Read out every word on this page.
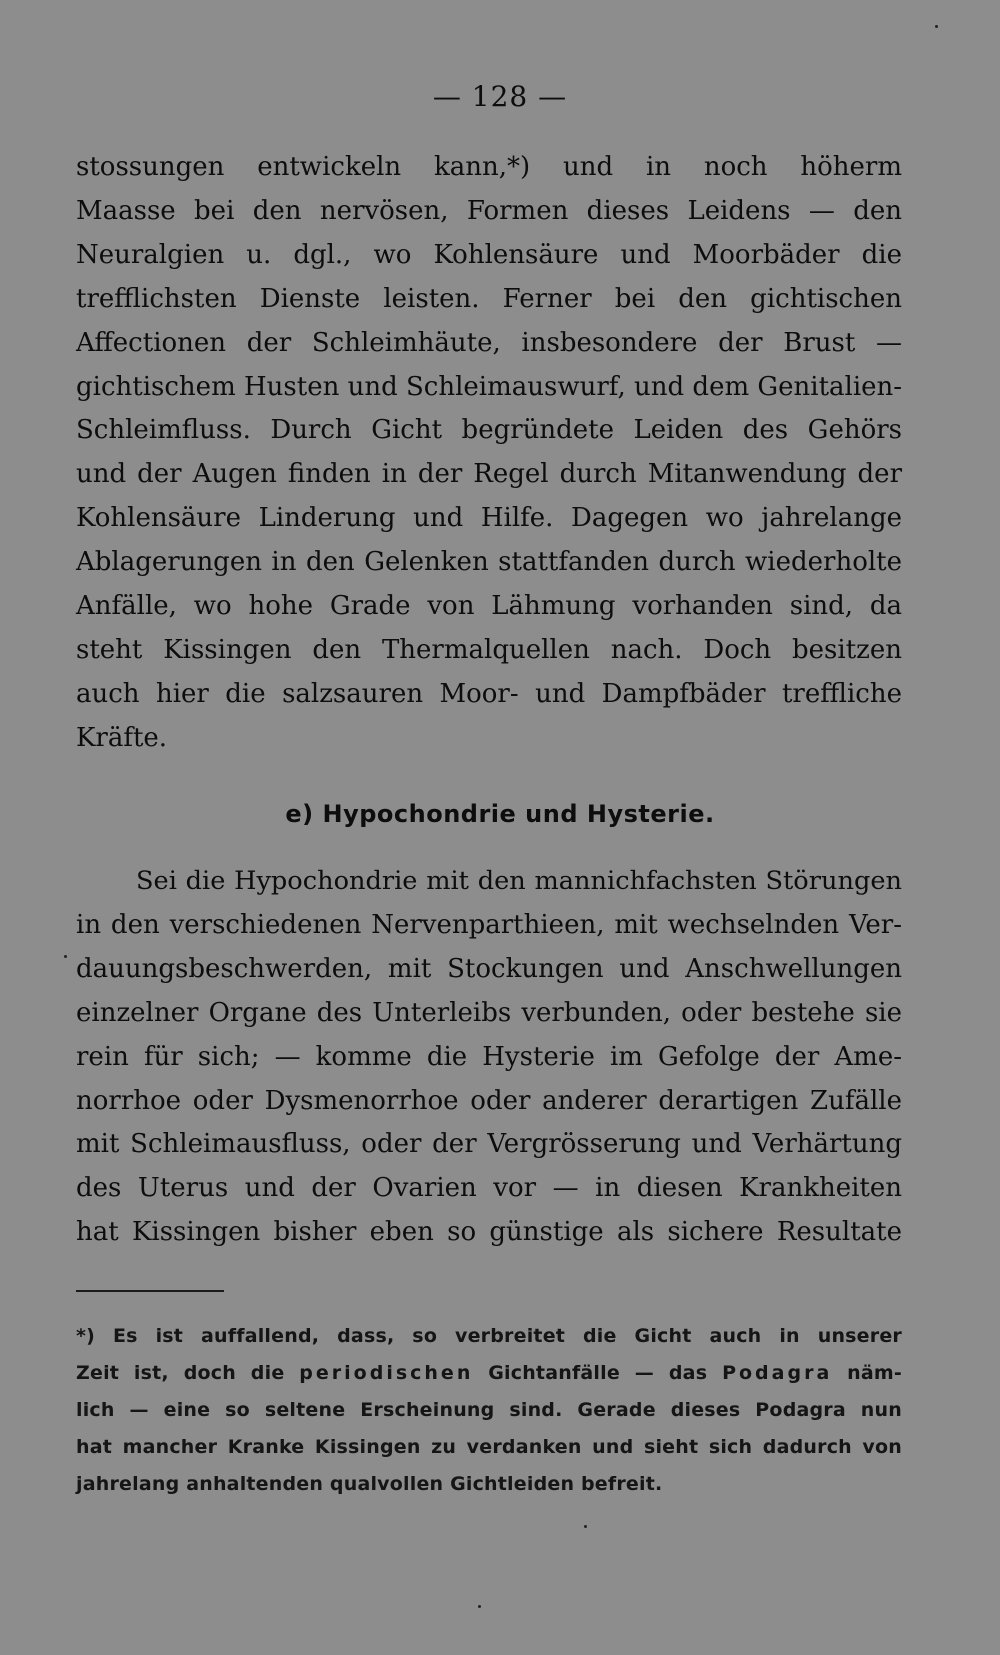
— 128 —
stossungen entwickeln kann,*) und in noch höherm
Maasse bei den nervösen, Formen dieses Leidens — den
Neuralgien u. dgl., wo Kohlensäure und Moorbäder die
trefflichsten Dienste leisten. Ferner bei den gichtischen
Affectionen der Schleimhäute, insbesondere der Brust —
gichtischem Husten und Schleimauswurf, und dem Genitalien-
Schleimfluss. Durch Gicht begründete Leiden des Gehörs
und der Augen finden in der Regel durch Mitanwendung der
Kohlensäure Linderung und Hilfe. Dagegen wo jahrelange
Ablagerungen in den Gelenken stattfanden durch wiederholte
Anfälle, wo hohe Grade von Lähmung vorhanden sind, da
steht Kissingen den Thermalquellen nach. Doch besitzen
auch hier die salzsauren Moor- und Dampfbäder treffliche
Kräfte.
e) Hypochondrie und Hysterie.
Sei die Hypochondrie mit den mannichfachsten Störungen
in den verschiedenen Nervenparthieen, mit wechselnden Ver-
dauungsbeschwerden, mit Stockungen und Anschwellungen
einzelner Organe des Unterleibs verbunden, oder bestehe sie
rein für sich; — komme die Hysterie im Gefolge der Ame-
norrhoe oder Dysmenorrhoe oder anderer derartigen Zufälle
mit Schleimausfluss, oder der Vergrösserung und Verhärtung
des Uterus und der Ovarien vor — in diesen Krankheiten
hat Kissingen bisher eben so günstige als sichere Resultate
*) Es ist auffallend, dass, so verbreitet die Gicht auch in unserer
Zeit ist, doch die periodischen Gichtanfälle — das Podagra näm-
lich — eine so seltene Erscheinung sind. Gerade dieses Podagra nun
hat mancher Kranke Kissingen zu verdanken und sieht sich dadurch von
jahrelang anhaltenden qualvollen Gichtleiden befreit.
